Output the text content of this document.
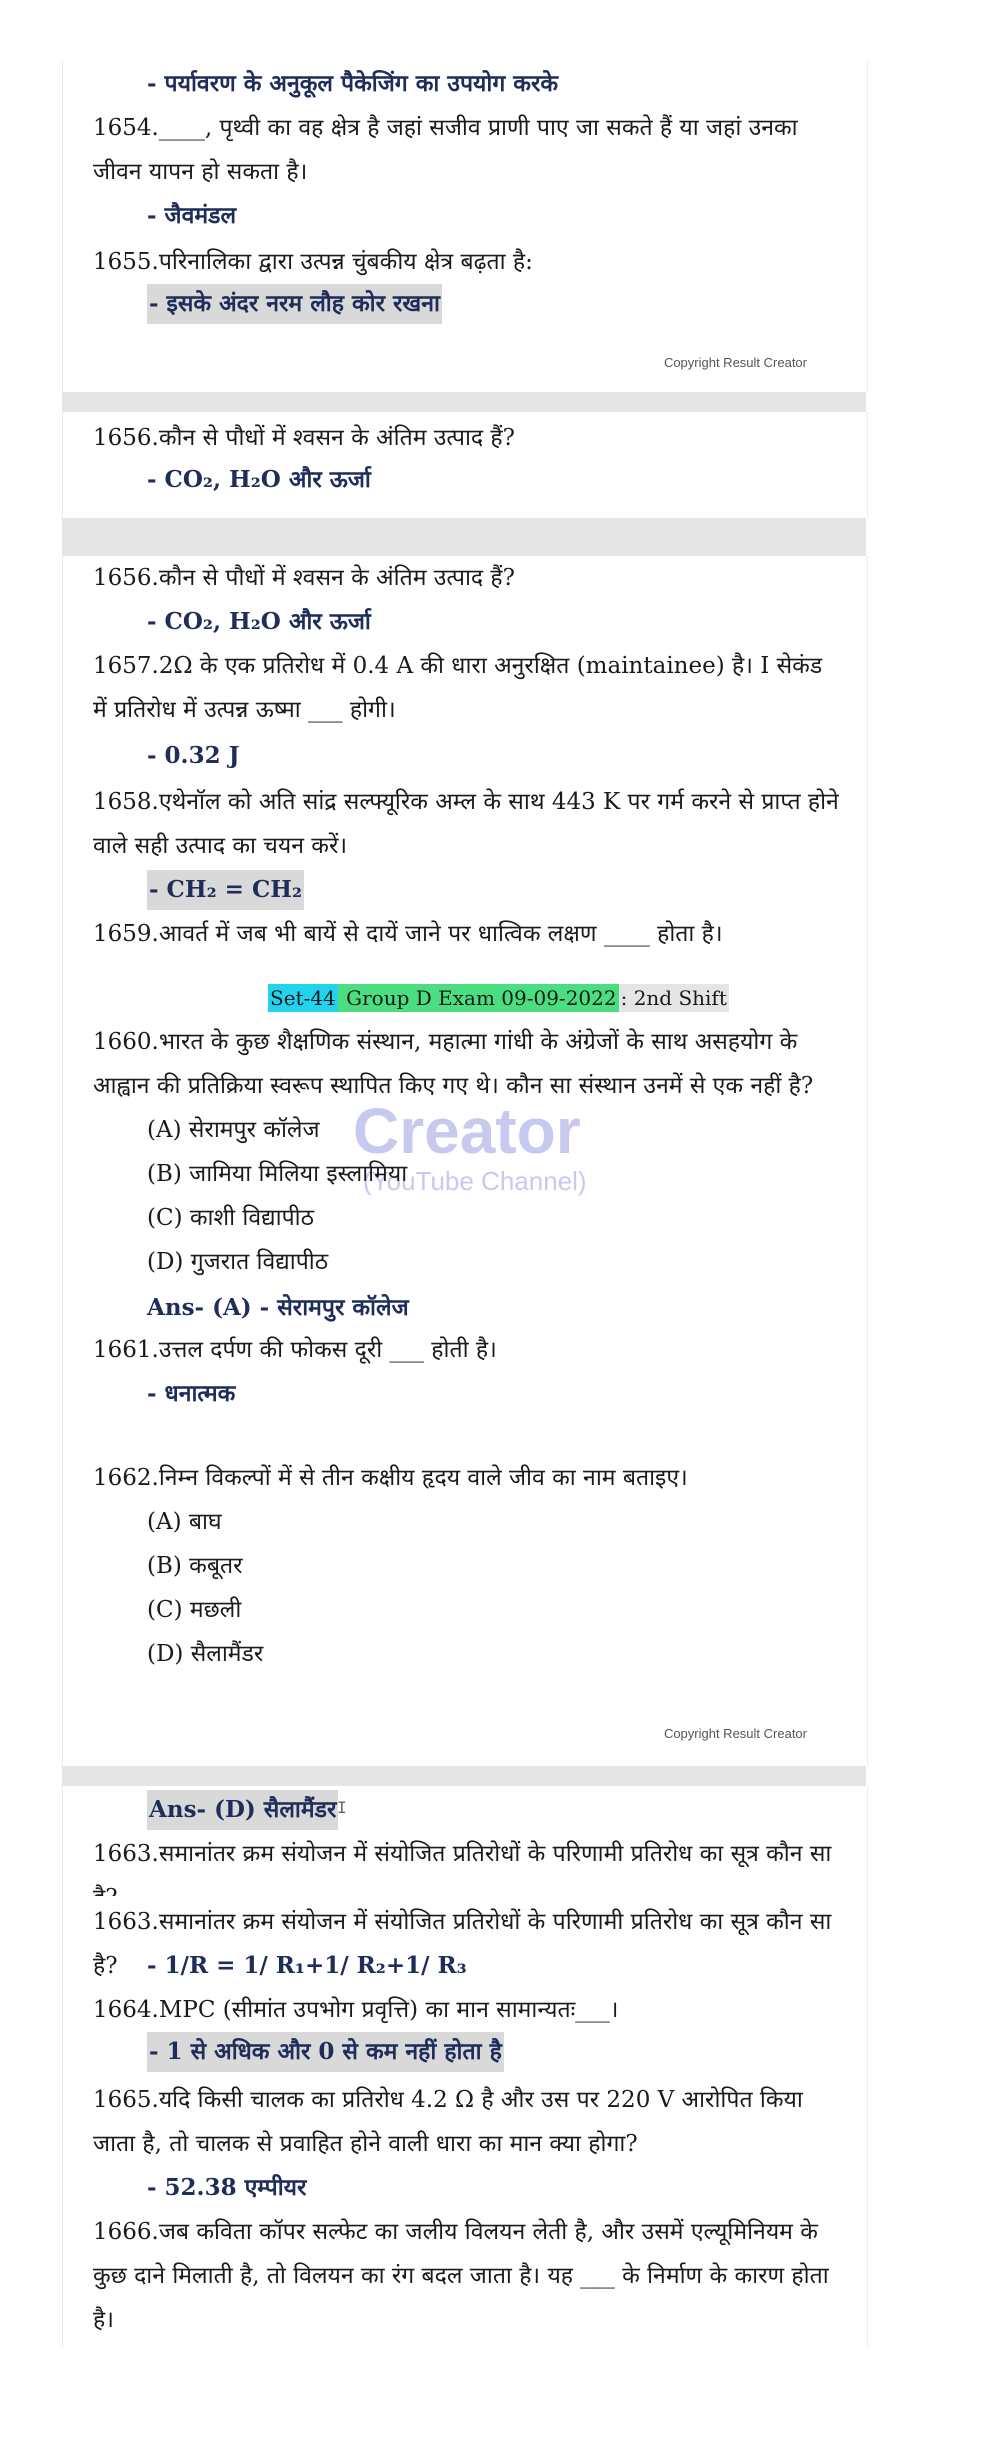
- पर्यावरण के अनुकूल पैकेजिंग का उपयोग करके
1654.____, पृथ्वी का वह क्षेत्र है जहां सजीव प्राणी पाए जा सकते हैं या जहां उनका जीवन यापन हो सकता है।
- जैवमंडल
1655.परिनालिका द्वारा उत्पन्न चुंबकीय क्षेत्र बढ़ता है:
- इसके अंदर नरम लौह कोर रखना
Copyright Result Creator
1656.कौन से पौधों में श्वसन के अंतिम उत्पाद हैं?
- CO₂, H₂O और ऊर्जा
1656.कौन से पौधों में श्वसन के अंतिम उत्पाद हैं?
- CO₂, H₂O और ऊर्जा
1657.2Ω के एक प्रतिरोध में 0.4 A की धारा अनुरक्षित (maintainee) है। I सेकंड में प्रतिरोध में उत्पन्न ऊष्मा ___ होगी।
- 0.32 J
1658.एथेनॉल को अति सांद्र सल्फ्यूरिक अम्ल के साथ 443 K पर गर्म करने से प्राप्त होने वाले सही उत्पाद का चयन करें।
- CH₂ = CH₂
1659.आवर्त में जब भी बायें से दायें जाने पर धात्विक लक्षण ____ होता है।
Set-44 Group D Exam 09-09-2022 : 2nd Shift
Creator
(YouTube Channel)
1660.भारत के कुछ शैक्षणिक संस्थान, महात्मा गांधी के अंग्रेजों के साथ असहयोग के आह्वान की प्रतिक्रिया स्वरूप स्थापित किए गए थे। कौन सा संस्थान उनमें से एक नहीं है?
(A) सेरामपुर कॉलेज
(B) जामिया मिलिया इस्लामिया
(C) काशी विद्यापीठ
(D) गुजरात विद्यापीठ
Ans- (A) - सेरामपुर कॉलेज
1661.उत्तल दर्पण की फोकस दूरी ___ होती है।
- धनात्मक
1662.निम्न विकल्पों में से तीन कक्षीय हृदय वाले जीव का नाम बताइए।
(A) बाघ
(B) कबूतर
(C) मछली
(D) सैलामैंडर
Copyright Result Creator
Ans- (D) सैलामैंडर I
1663.समानांतर क्रम संयोजन में संयोजित प्रतिरोधों के परिणामी प्रतिरोध का सूत्र कौन सा
1663.समानांतर क्रम संयोजन में संयोजित प्रतिरोधों के परिणामी प्रतिरोध का सूत्र कौन सा है?	- 1/R = 1/ R₁+1/ R₂+1/ R₃
1664.MPC (सीमांत उपभोग प्रवृत्ति) का मान सामान्यतः___।
- 1 से अधिक और 0 से कम नहीं होता है
1665.यदि किसी चालक का प्रतिरोध 4.2 Ω है और उस पर 220 V आरोपित किया जाता है, तो चालक से प्रवाहित होने वाली धारा का मान क्या होगा?
- 52.38 एम्पीयर
1666.जब कविता कॉपर सल्फेट का जलीय विलयन लेती है, और उसमें एल्यूमिनियम के कुछ दाने मिलाती है, तो विलयन का रंग बदल जाता है। यह ___ के निर्माण के कारण होता है।
